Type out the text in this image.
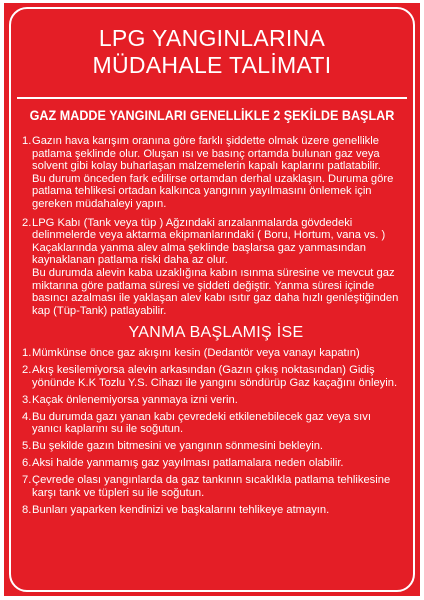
LPG YANGINLARINA
MÜDAHALE TALİMATI
GAZ MADDE YANGINLARI GENELLİKLE 2 ŞEKİLDE BAŞLAR
1. Gazın hava karışım oranına göre farklı şiddette olmak üzere genellikle patlama şeklinde olur. Oluşan ısı ve basınç ortamda bulunan gaz veya solvent gibi kolay buharlaşan malzemelerin kapalı kaplarını patlatabilir.
Bu durum önceden fark edilirse ortamdan derhal uzaklaşın. Duruma göre patlama tehlikesi ortadan kalkınca yangının yayılmasını önlemek için gereken müdahaleyi yapın.
2. LPG Kabı (Tank veya tüp ) Ağzındaki arızalanmalarda gövdedeki delinmelerde veya aktarma ekipmanlarındaki ( Boru, Hortum, vana vs. ) Kaçaklarında yanma alev alma şeklinde başlarsa gaz yanmasından kaynaklanan patlama riski daha az olur.
Bu durumda alevin kaba uzaklığına kabın ısınma süresine ve mevcut gaz miktarına göre patlama süresi ve şiddeti değiştir. Yanma süresi içinde basıncı azalması ile yaklaşan alev kabı ısıtır gaz daha hızlı genleştiğinden kap (Tüp-Tank) patlayabilir.
YANMA BAŞLAMIŞ İSE
1. Mümkünse önce gaz akışını kesin (Dedantör veya vanayı kapatın)
2. Akış kesilemiyorsa alevin arkasından (Gazın çıkış noktasından) Gidiş yönünde K.K Tozlu Y.S. Cihazı ile yangını söndürüp Gaz kaçağını önleyin.
3. Kaçak önlenemiyorsa yanmaya izni verin.
4. Bu durumda gazı yanan kabı çevredeki etkilenebilecek gaz veya sıvı yanıcı kaplarını su ile soğutun.
5. Bu şekilde gazın bitmesini ve yangının sönmesini bekleyin.
6. Aksi halde yanmamış gaz yayılması patlamalara neden olabilir.
7. Çevrede olası yangınlarda da gaz tankının sıcaklıkla patlama tehlikesine karşı tank ve tüpleri su ile soğutun.
8. Bunları yaparken kendinizi ve başkalarını tehlikeye atmayın.
